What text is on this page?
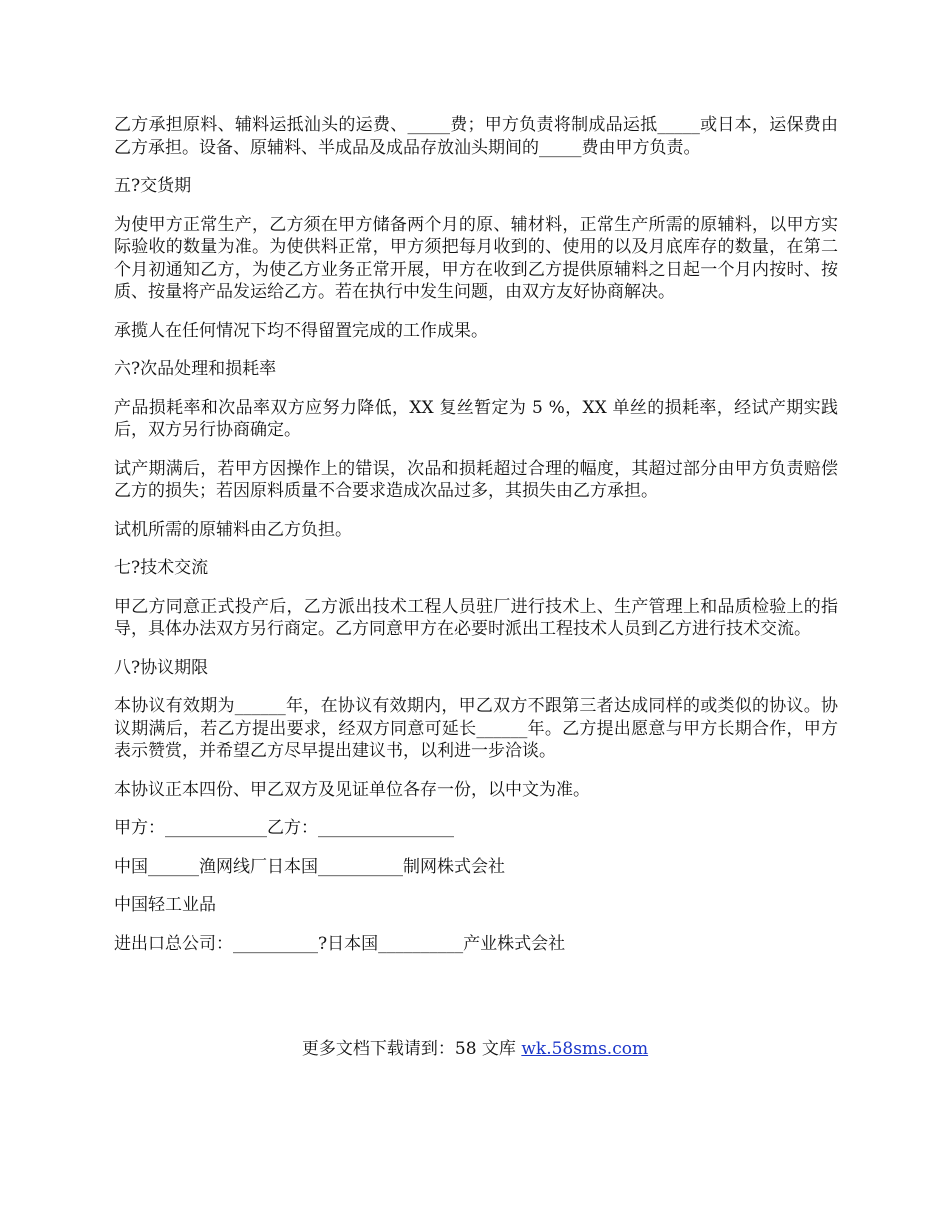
乙方承担原料、辅料运抵汕头的运费、_____费；甲方负责将制成品运抵_____或日本，运保费由乙方承担。设备、原辅料、半成品及成品存放汕头期间的_____费由甲方负责。

五?交货期

为使甲方正常生产，乙方须在甲方储备两个月的原、辅材料，正常生产所需的原辅料，以甲方实际验收的数量为准。为使供料正常，甲方须把每月收到的、使用的以及月底库存的数量，在第二个月初通知乙方，为使乙方业务正常开展，甲方在收到乙方提供原辅料之日起一个月内按时、按质、按量将产品发运给乙方。若在执行中发生问题，由双方友好协商解决。

承揽人在任何情况下均不得留置完成的工作成果。

六?次品处理和损耗率

产品损耗率和次品率双方应努力降低，XX 复丝暂定为 5 %，XX 单丝的损耗率，经试产期实践后，双方另行协商确定。

试产期满后，若甲方因操作上的错误，次品和损耗超过合理的幅度，其超过部分由甲方负责赔偿乙方的损失；若因原料质量不合要求造成次品过多，其损失由乙方承担。

试机所需的原辅料由乙方负担。

七?技术交流

甲乙方同意正式投产后，乙方派出技术工程人员驻厂进行技术上、生产管理上和品质检验上的指导，具体办法双方另行商定。乙方同意甲方在必要时派出工程技术人员到乙方进行技术交流。

八?协议期限

本协议有效期为______年，在协议有效期内，甲乙双方不跟第三者达成同样的或类似的协议。协议期满后，若乙方提出要求，经双方同意可延长______年。乙方提出愿意与甲方长期合作，甲方表示赞赏，并希望乙方尽早提出建议书，以利进一步洽谈。

本协议正本四份、甲乙双方及见证单位各存一份，以中文为准。

甲方：____________乙方：________________

中国______渔网线厂日本国__________制网株式会社

中国轻工业品

进出口总公司：__________?日本国__________产业株式会社

更多文档下载请到：58 文库 wk.58sms.com
